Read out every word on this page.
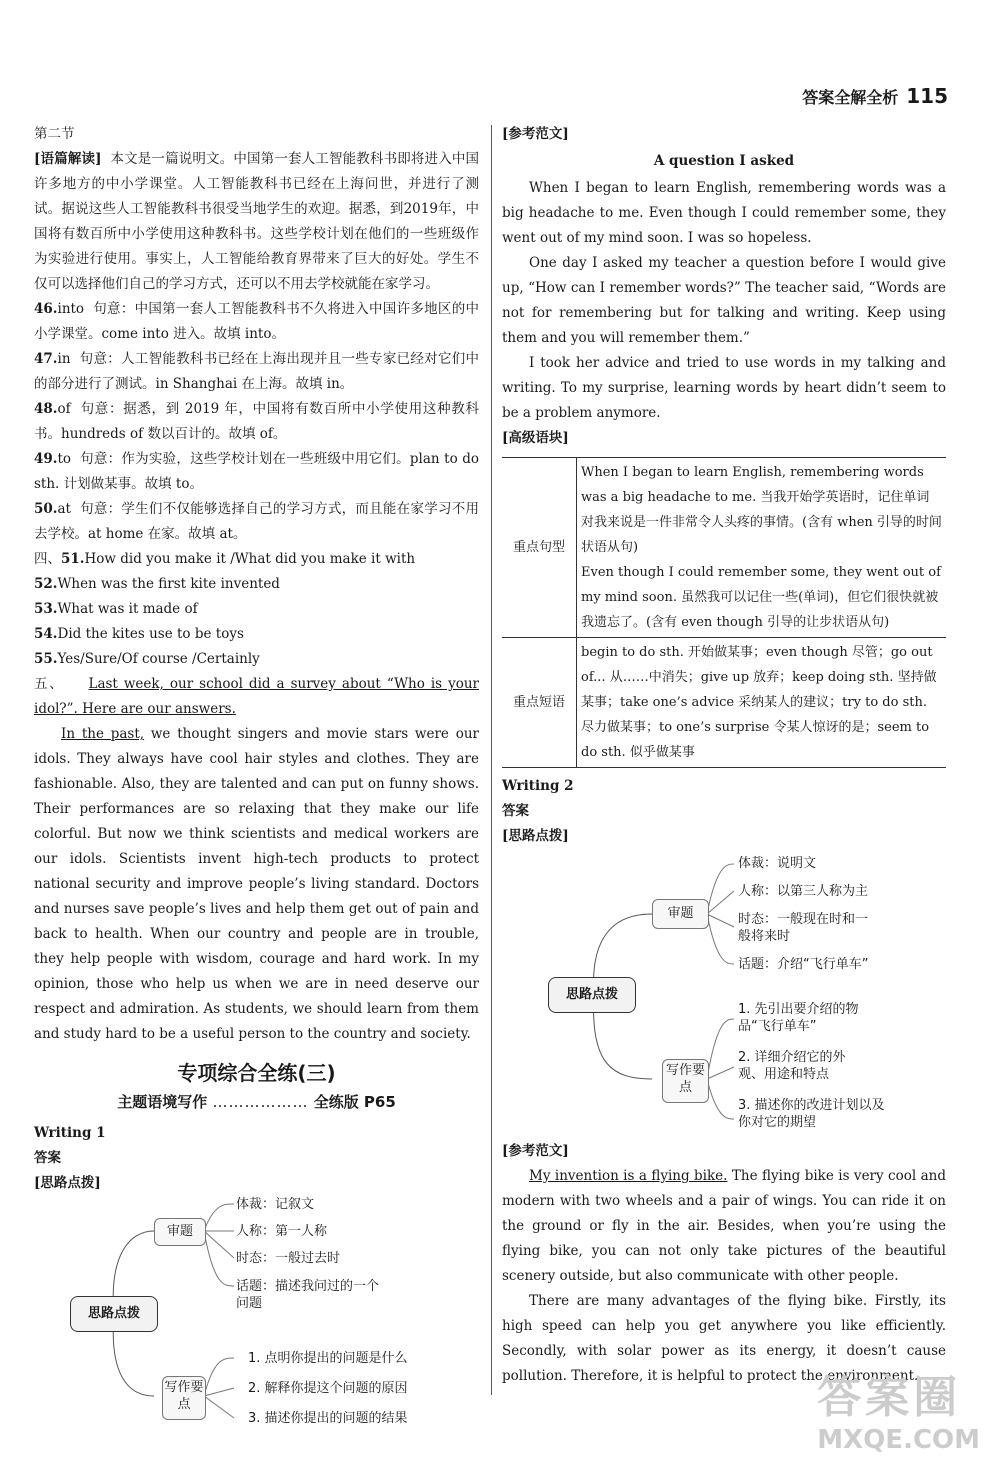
答案全解全析 115

第二节

[语篇解读] 本文是一篇说明文。中国第一套人工智能教科书即将进入中国许多地方的中小学课堂。人工智能教科书已经在上海问世，并进行了测试。据说这些人工智能教科书很受当地学生的欢迎。据悉，到2019年，中国将有数百所中小学使用这种教科书。这些学校计划在他们的一些班级作为实验进行使用。事实上，人工智能给教育界带来了巨大的好处。学生不仅可以选择他们自己的学习方式，还可以不用去学校就能在家学习。

46.into 句意：中国第一套人工智能教科书不久将进入中国许多地区的中小学课堂。come into 进入。故填 into。

47.in 句意：人工智能教科书已经在上海出现并且一些专家已经对它们中的部分进行了测试。in Shanghai 在上海。故填 in。

48.of 句意：据悉，到 2019 年，中国将有数百所中小学使用这种教科书。hundreds of 数以百计的。故填 of。

49.to 句意：作为实验，这些学校计划在一些班级中用它们。plan to do sth. 计划做某事。故填 to。

50.at 句意：学生们不仅能够选择自己的学习方式，而且能在家学习不用去学校。at home 在家。故填 at。

四、51.How did you make it /What did you make it with

52.When was the first kite invented

53.What was it made of

54.Did the kites use to be toys

55.Yes/Sure/Of course /Certainly

五、 Last week, our school did a survey about “Who is your idol?”. Here are our answers.

In the past, we thought singers and movie stars were our idols. They always have cool hair styles and clothes. They are fashionable. Also, they are talented and can put on funny shows. Their performances are so relaxing that they make our life colorful. But now we think scientists and medical workers are our idols. Scientists invent high-tech products to protect national security and improve people’s living standard. Doctors and nurses save people’s lives and help them get out of pain and back to health. When our country and people are in trouble, they help people with wisdom, courage and hard work. In my opinion, those who help us when we are in need deserve our respect and admiration. As students, we should learn from them and study hard to be a useful person to the country and society.

专项综合全练(三)
主题语境写作 ……………… 全练版 P65

Writing 1

答案

[思路点拨]

思路点拨
审题
写作要点
体裁：记叙文
人称：第一人称
时态：一般过去时
话题：描述我问过的一个问题
1. 点明你提出的问题是什么
2. 解释你提这个问题的原因
3. 描述你提出的问题的结果

[参考范文]

A question I asked

When I began to learn English, remembering words was a big headache to me. Even though I could remember some, they went out of my mind soon. I was so hopeless.

One day I asked my teacher a question before I would give up, “How can I remember words?” The teacher said, “Words are not for remembering but for talking and writing. Keep using them and you will remember them.”

I took her advice and tried to use words in my talking and writing. To my surprise, learning words by heart didn’t seem to be a problem anymore.

[高级语块]

重点句型	When I began to learn English, remembering words was a big headache to me. 当我开始学英语时，记住单词对我来说是一件非常令人头疼的事情。(含有 when 引导的时间状语从句)
Even though I could remember some, they went out of my mind soon. 虽然我可以记住一些(单词)，但它们很快就被我遗忘了。(含有 even though 引导的让步状语从句)

重点短语	begin to do sth. 开始做某事；even though 尽管；go out of... 从……中消失；give up 放弃；keep doing sth. 坚持做某事；take one’s advice 采纳某人的建议；try to do sth. 尽力做某事；to one’s surprise 令某人惊讶的是；seem to do sth. 似乎做某事

Writing 2

答案

[思路点拨]

思路点拨
审题
写作要点
体裁：说明文
人称：以第三人称为主
时态：一般现在时和一般将来时
话题：介绍“飞行单车”
1. 先引出要介绍的物品“飞行单车”
2. 详细介绍它的外观、用途和特点
3. 描述你的改进计划以及你对它的期望

[参考范文]

My invention is a flying bike. The flying bike is very cool and modern with two wheels and a pair of wings. You can ride it on the ground or fly in the air. Besides, when you’re using the flying bike, you can not only take pictures of the beautiful scenery outside, but also communicate with other people.

There are many advantages of the flying bike. Firstly, its high speed can help you get anywhere you like efficiently. Secondly, with solar power as its energy, it doesn’t cause pollution. Therefore, it is helpful to protect the environment.

答案圈
MXQE.COM
